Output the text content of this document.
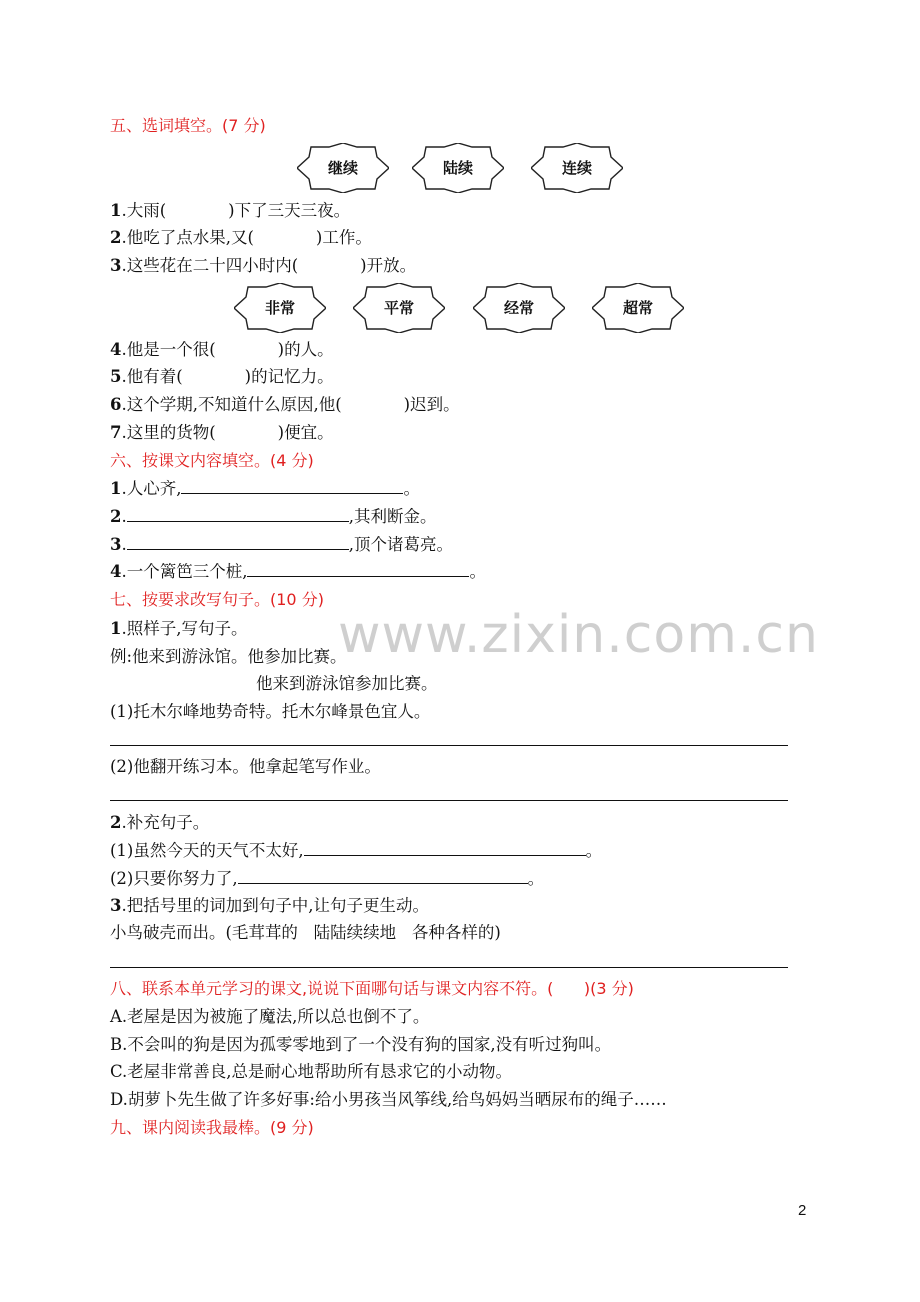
五、选词填空。(7 分)
继续	陆续	连续
1.大雨(	)下了三天三夜。
2.他吃了点水果,又(	)工作。
3.这些花在二十四小时内(	)开放。
非常	平常	经常	超常
4.他是一个很(	)的人。
5.他有着(	)的记忆力。
6.这个学期,不知道什么原因,他(	)迟到。
7.这里的货物(	)便宜。
六、按课文内容填空。(4 分)
1.人心齐,	。
2.	,其利断金。
3.	,顶个诸葛亮。
4.一个篱笆三个桩,	。
www.zixin.com.cn
七、按要求改写句子。(10 分)
1.照样子,写句子。
例:他来到游泳馆。他参加比赛。
他来到游泳馆参加比赛。
(1)托木尔峰地势奇特。托木尔峰景色宜人。
(2)他翻开练习本。他拿起笔写作业。
2.补充句子。
(1)虽然今天的天气不太好,	。
(2)只要你努力了,	。
3.把括号里的词加到句子中,让句子更生动。
小鸟破壳而出。(毛茸茸的   陆陆续续地   各种各样的)
八、联系本单元学习的课文,说说下面哪句话与课文内容不符。(      )(3 分)
A.老屋是因为被施了魔法,所以总也倒不了。
B.不会叫的狗是因为孤零零地到了一个没有狗的国家,没有听过狗叫。
C.老屋非常善良,总是耐心地帮助所有恳求它的小动物。
D.胡萝卜先生做了许多好事:给小男孩当风筝线,给鸟妈妈当晒尿布的绳子……
九、课内阅读我最棒。(9 分)
2
